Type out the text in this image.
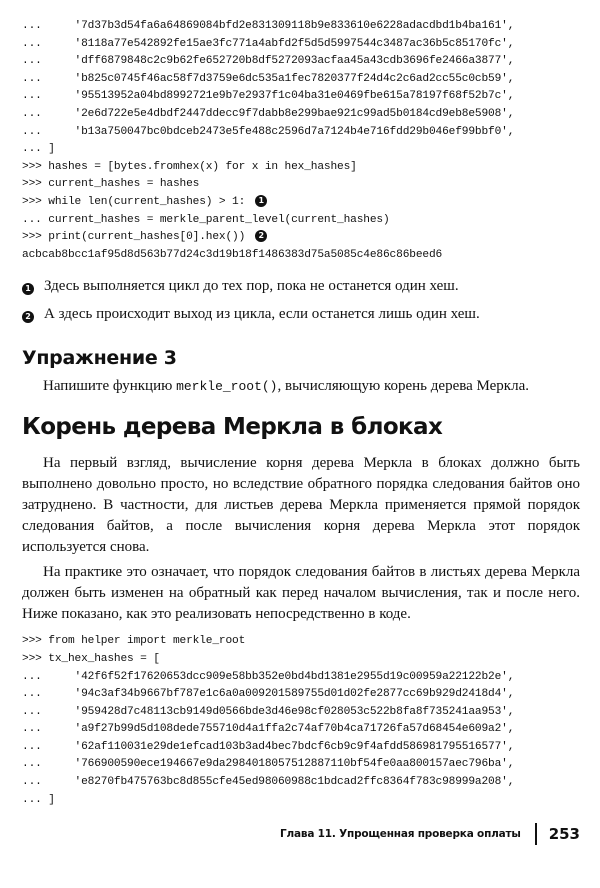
...     '7d37b3d54fa6a64869084bfd2e831309118b9e833610e6228adacdbd1b4ba161',
...     '8118a77e542892fe15ae3fc771a4abfd2f5d5d5997544c3487ac36b5c85170fc',
...     'dff6879848c2c9b62fe652720b8df5272093acfaa45a43cdb3696fe2466a3877',
...     'b825c0745f46ac58f7d3759e6dc535a1fec7820377f24d4c2c6ad2cc55c0cb59',
...     '95513952a04bd8992721e9b7e2937f1c04ba31e0469fbe615a78197f68f52b7c',
...     '2e6d722e5e4dbdf2447ddecc9f7dabb8e299bae921c99ad5b0184cd9eb8e5908',
...     'b13a750047bc0bdceb2473e5fe488c2596d7a7124b4e716fdd29b046ef99bbf0',
... ]
>>> hashes = [bytes.fromhex(x) for x in hex_hashes]
>>> current_hashes = hashes
>>> while len(current_hashes) > 1: 1
... current_hashes = merkle_parent_level(current_hashes)
>>> print(current_hashes[0].hex()) 2
acbcab8bcc1af95d8d563b77d24c3d19b18f1486383d75a5085c4e86c86beed6
1 Здесь выполняется цикл до тех пор, пока не останется один хеш.
2 А здесь происходит выход из цикла, если останется лишь один хеш.
Упражнение 3
Напишите функцию merkle_root(), вычисляющую корень дерева Меркла.
Корень дерева Меркла в блоках
На первый взгляд, вычисление корня дерева Меркла в блоках должно быть выполнено довольно просто, но вследствие обратного порядка следования байтов оно затруднено. В частности, для листьев дерева Меркла применяется прямой порядок следования байтов, а после вычисления корня дерева Меркла этот порядок используется снова.
На практике это означает, что порядок следования байтов в листьях дерева Меркла должен быть изменен на обратный как перед началом вычисления, так и после него. Ниже показано, как это реализовать непосредственно в коде.
>>> from helper import merkle_root
>>> tx_hex_hashes = [
...     '42f6f52f17620653dcc909e58bb352e0bd4bd1381e2955d19c00959a22122b2e',
...     '94c3af34b9667bf787e1c6a0a009201589755d01d02fe2877cc69b929d2418d4',
...     '959428d7c48113cb9149d0566bde3d46e98cf028053c522b8fa8f735241aa953',
...     'a9f27b99d5d108dede755710d4a1ffa2c74af70b4ca71726fa57d68454e609a2',
...     '62af110031e29de1efcad103b3ad4bec7bdcf6cb9c9f4afdd586981795516577',
...     '766900590ece194667e9da2984018057512887110bf54fe0aa800157aec796ba',
...     'e8270fb475763bc8d855cfe45ed98060988c1bdcad2ffc8364f783c98999a208',
... ]
Глава 11. Упрощенная проверка оплаты 253
